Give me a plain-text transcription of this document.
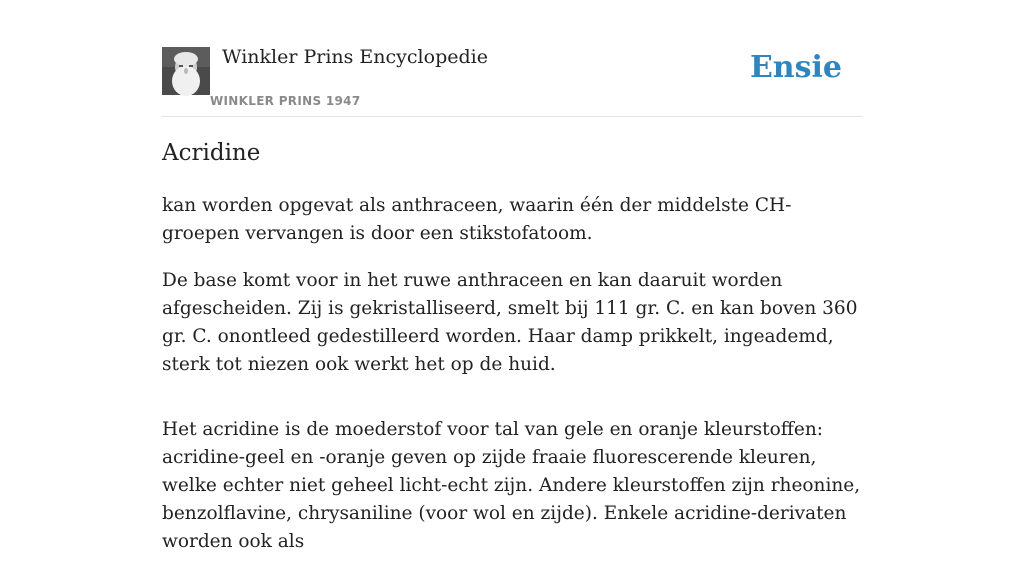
Winkler Prins Encyclopedie
WINKLER PRINS 1947
Ensie
Acridine

kan worden opgevat als anthraceen, waarin één der middelste CH-groepen vervangen is door een stikstofatoom.

De base komt voor in het ruwe anthraceen en kan daaruit worden afgescheiden. Zij is gekristalliseerd, smelt bij 111 gr. C. en kan boven 360 gr. C. onontleed gedestilleerd worden. Haar damp prikkelt, ingeademd, sterk tot niezen ook werkt het op de huid.

Het acridine is de moederstof voor tal van gele en oranje kleurstoffen: acridine-geel en -oranje geven op zijde fraaie fluorescerende kleuren, welke echter niet geheel licht-echt zijn. Andere kleurstoffen zijn rheonine, benzolflavine, chrysaniline (voor wol en zijde). Enkele acridine-derivaten worden ook als
